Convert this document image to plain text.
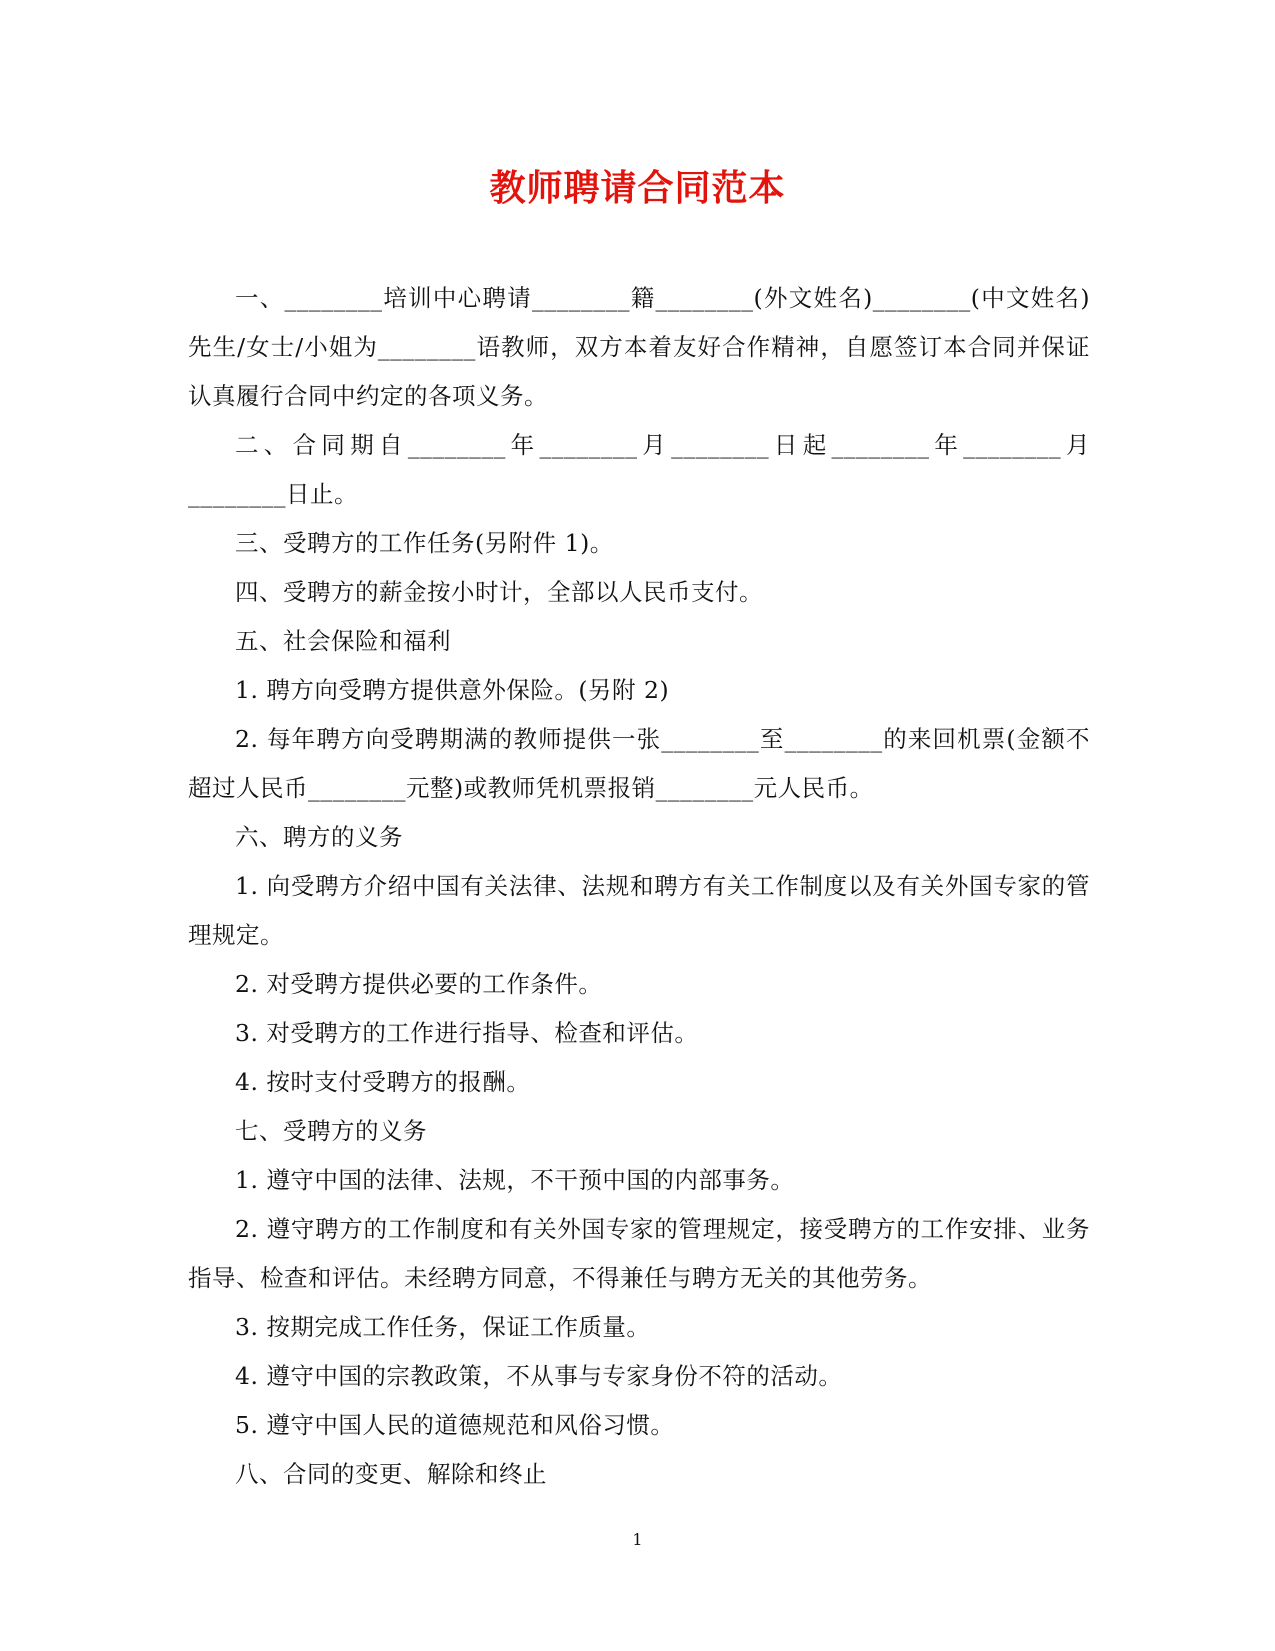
教师聘请合同范本

一、________培训中心聘请________籍________(外文姓名)________(中文姓名)先生/女士/小姐为________语教师，双方本着友好合作精神，自愿签订本合同并保证认真履行合同中约定的各项义务。

二、合同期自________年________月________日起________年________月________日止。

三、受聘方的工作任务(另附件 1)。

四、受聘方的薪金按小时计，全部以人民币支付。

五、社会保险和福利

1. 聘方向受聘方提供意外保险。(另附 2)

2. 每年聘方向受聘期满的教师提供一张________至________的来回机票(金额不超过人民币________元整)或教师凭机票报销________元人民币。

六、聘方的义务

1. 向受聘方介绍中国有关法律、法规和聘方有关工作制度以及有关外国专家的管理规定。

2. 对受聘方提供必要的工作条件。

3. 对受聘方的工作进行指导、检查和评估。

4. 按时支付受聘方的报酬。

七、受聘方的义务

1. 遵守中国的法律、法规，不干预中国的内部事务。

2. 遵守聘方的工作制度和有关外国专家的管理规定，接受聘方的工作安排、业务指导、检查和评估。未经聘方同意，不得兼任与聘方无关的其他劳务。

3. 按期完成工作任务，保证工作质量。

4. 遵守中国的宗教政策，不从事与专家身份不符的活动。

5. 遵守中国人民的道德规范和风俗习惯。

八、合同的变更、解除和终止

1
